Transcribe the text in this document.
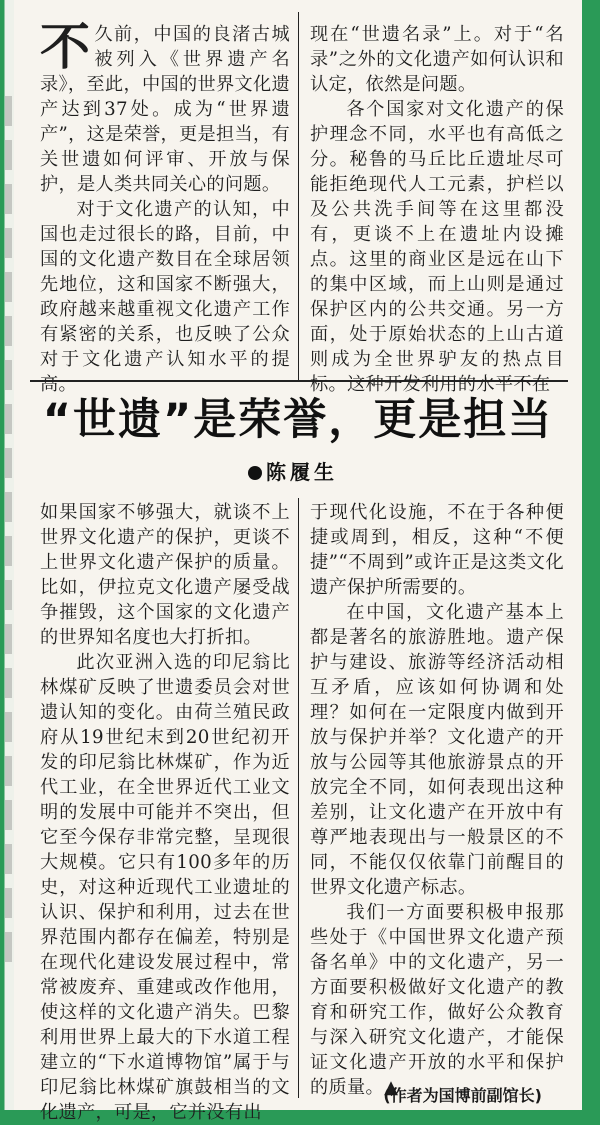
不久前，中国的良渚古城被列入《世界遗产名录》，至此，中国的世界文化遗产达到37处。成为“世界遗产”，这是荣誉，更是担当，有关世遗如何评审、开放与保护，是人类共同关心的问题。

对于文化遗产的认知，中国也走过很长的路，目前，中国的文化遗产数目在全球居领先地位，这和国家不断强大，政府越来越重视文化遗产工作有紧密的关系，也反映了公众对于文化遗产认知水平的提高。

现在“世遗名录”上。对于“名录”之外的文化遗产如何认识和认定，依然是问题。

各个国家对文化遗产的保护理念不同，水平也有高低之分。秘鲁的马丘比丘遗址尽可能拒绝现代人工元素，护栏以及公共洗手间等在这里都没有，更谈不上在遗址内设摊点。这里的商业区是远在山下的集中区域，而上山则是通过保护区内的公共交通。另一方面，处于原始状态的上山古道则成为全世界驴友的热点目标。这种开发利用的水平不在

“世遗”是荣誉，更是担当
陈履生

如果国家不够强大，就谈不上世界文化遗产的保护，更谈不上世界文化遗产保护的质量。比如，伊拉克文化遗产屡受战争摧毁，这个国家的文化遗产的世界知名度也大打折扣。

此次亚洲入选的印尼翁比林煤矿反映了世遗委员会对世遗认知的变化。由荷兰殖民政府从19世纪末到20世纪初开发的印尼翁比林煤矿，作为近代工业，在全世界近代工业文明的发展中可能并不突出，但它至今保存非常完整，呈现很大规模。它只有100多年的历史，对这种近现代工业遗址的认识、保护和利用，过去在世界范围内都存在偏差，特别是在现代化建设发展过程中，常常被废弃、重建或改作他用，使这样的文化遗产消失。巴黎利用世界上最大的下水道工程建立的“下水道博物馆”属于与印尼翁比林煤矿旗鼓相当的文化遗产，可是，它并没有出

于现代化设施，不在于各种便捷或周到，相反，这种“不便捷”“不周到”或许正是这类文化遗产保护所需要的。

在中国，文化遗产基本上都是著名的旅游胜地。遗产保护与建设、旅游等经济活动相互矛盾，应该如何协调和处理？如何在一定限度内做到开放与保护并举？文化遗产的开放与公园等其他旅游景点的开放完全不同，如何表现出这种差别，让文化遗产在开放中有尊严地表现出与一般景区的不同，不能仅仅依靠门前醒目的世界文化遗产标志。

我们一方面要积极申报那些处于《中国世界文化遗产预备名单》中的文化遗产，另一方面要积极做好文化遗产的教育和研究工作，做好公众教育与深入研究文化遗产，才能保证文化遗产开放的水平和保护的质量。▲

(作者为国博前副馆长)
